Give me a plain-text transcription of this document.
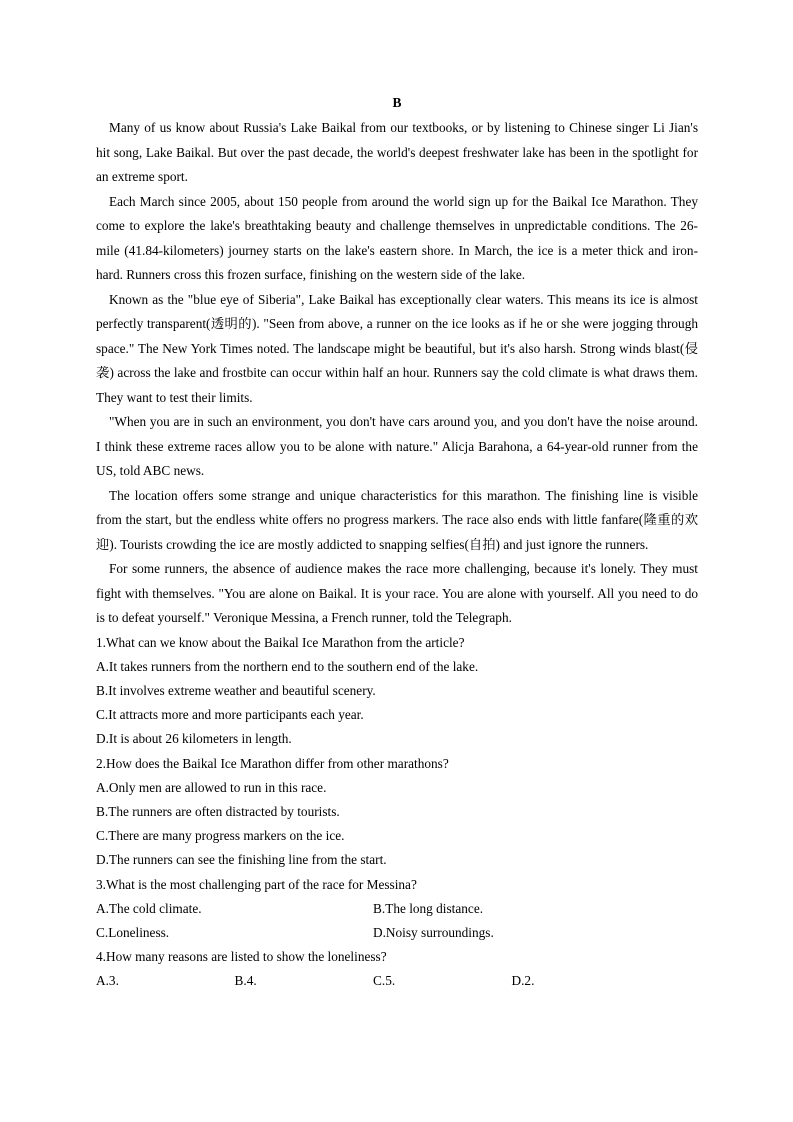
B

Many of us know about Russia's Lake Baikal from our textbooks, or by listening to Chinese singer Li Jian's hit song, Lake Baikal. But over the past decade, the world's deepest freshwater lake has been in the spotlight for an extreme sport.

Each March since 2005, about 150 people from around the world sign up for the Baikal Ice Marathon. They come to explore the lake's breathtaking beauty and challenge themselves in unpredictable conditions. The 26-mile (41.84-kilometers) journey starts on the lake's eastern shore. In March, the ice is a meter thick and iron-hard. Runners cross this frozen surface, finishing on the western side of the lake.

Known as the "blue eye of Siberia", Lake Baikal has exceptionally clear waters. This means its ice is almost perfectly transparent(透明的). "Seen from above, a runner on the ice looks as if he or she were jogging through space." The New York Times noted. The landscape might be beautiful, but it's also harsh. Strong winds blast(侵袭) across the lake and frostbite can occur within half an hour. Runners say the cold climate is what draws them. They want to test their limits.

"When you are in such an environment, you don't have cars around you, and you don't have the noise around. I think these extreme races allow you to be alone with nature." Alicja Barahona, a 64-year-old runner from the US, told ABC news.

The location offers some strange and unique characteristics for this marathon. The finishing line is visible from the start, but the endless white offers no progress markers. The race also ends with little fanfare(隆重的欢迎). Tourists crowding the ice are mostly addicted to snapping selfies(自拍) and just ignore the runners.

For some runners, the absence of audience makes the race more challenging, because it's lonely. They must fight with themselves. "You are alone on Baikal. It is your race. You are alone with yourself. All you need to do is to defeat yourself." Veronique Messina, a French runner, told the Telegraph.

1.What can we know about the Baikal Ice Marathon from the article?

A.It takes runners from the northern end to the southern end of the lake.

B.It involves extreme weather and beautiful scenery.

C.It attracts more and more participants each year.

D.It is about 26 kilometers in length.

2.How does the Baikal Ice Marathon differ from other marathons?

A.Only men are allowed to run in this race.

B.The runners are often distracted by tourists.

C.There are many progress markers on the ice.

D.The runners can see the finishing line from the start.

3.What is the most challenging part of the race for Messina?

A.The cold climate.	B.The long distance.
C.Loneliness.	D.Noisy surroundings.

4.How many reasons are listed to show the loneliness?

A.3.	B.4.	C.5.	D.2.
